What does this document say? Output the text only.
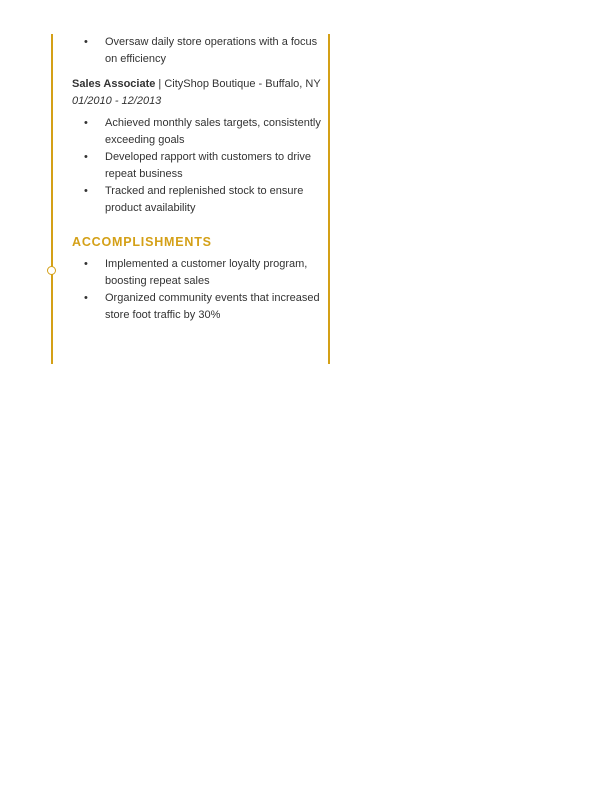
• Oversaw daily store operations with a focus on efficiency
Sales Associate | CityShop Boutique - Buffalo, NY
01/2010 - 12/2013
• Achieved monthly sales targets, consistently exceeding goals
• Developed rapport with customers to drive repeat business
• Tracked and replenished stock to ensure product availability
ACCOMPLISHMENTS
• Implemented a customer loyalty program, boosting repeat sales
• Organized community events that increased store foot traffic by 30%
